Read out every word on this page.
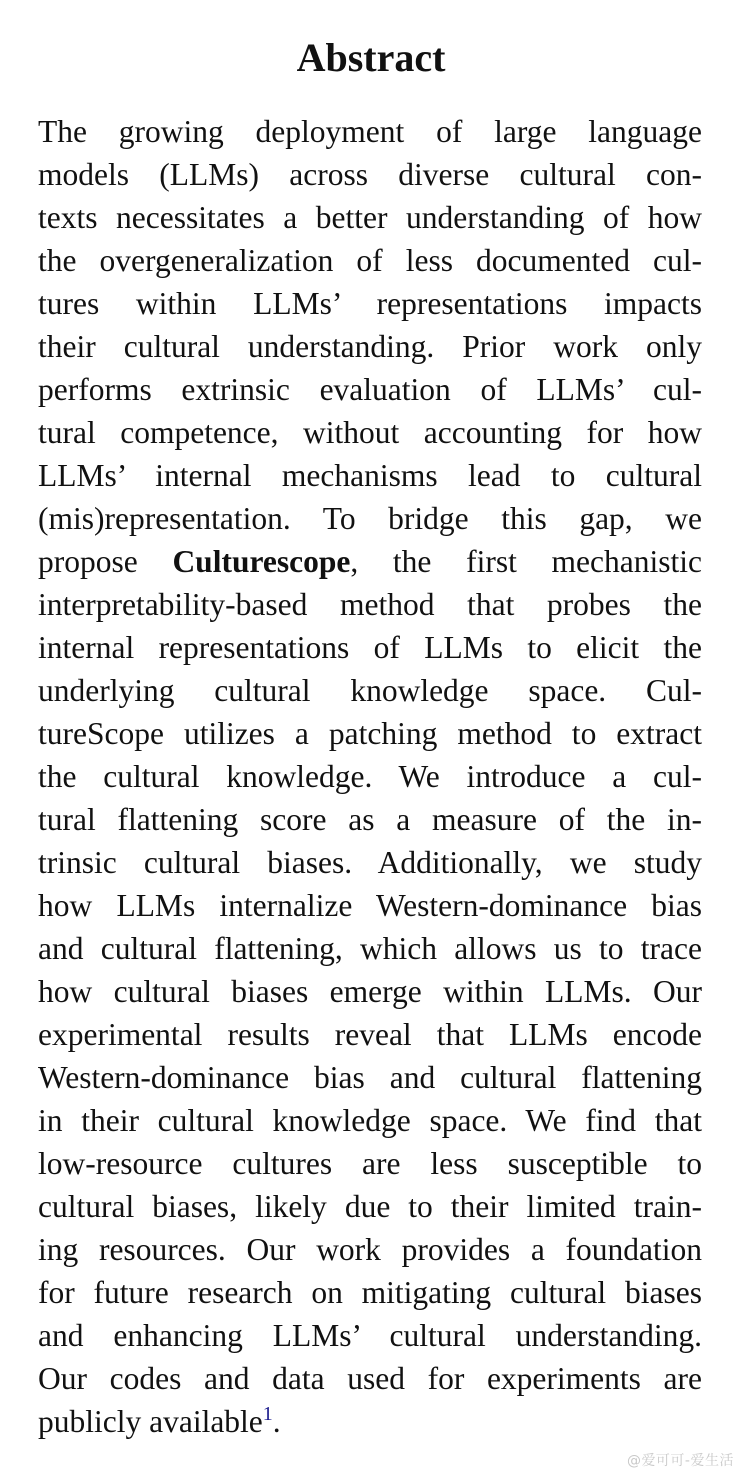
Abstract
The growing deployment of large language
models (LLMs) across diverse cultural con-
texts necessitates a better understanding of how
the overgeneralization of less documented cul-
tures within LLMs’ representations impacts
their cultural understanding. Prior work only
performs extrinsic evaluation of LLMs’ cul-
tural competence, without accounting for how
LLMs’ internal mechanisms lead to cultural
(mis)representation. To bridge this gap, we
propose Culturescope, the first mechanistic
interpretability-based method that probes the
internal representations of LLMs to elicit the
underlying cultural knowledge space. Cul-
tureScope utilizes a patching method to extract
the cultural knowledge. We introduce a cul-
tural flattening score as a measure of the in-
trinsic cultural biases. Additionally, we study
how LLMs internalize Western-dominance bias
and cultural flattening, which allows us to trace
how cultural biases emerge within LLMs. Our
experimental results reveal that LLMs encode
Western-dominance bias and cultural flattening
in their cultural knowledge space. We find that
low-resource cultures are less susceptible to
cultural biases, likely due to their limited train-
ing resources. Our work provides a foundation
for future research on mitigating cultural biases
and enhancing LLMs’ cultural understanding.
Our codes and data used for experiments are
publicly available$^1$.
@爱可可-爱生活
